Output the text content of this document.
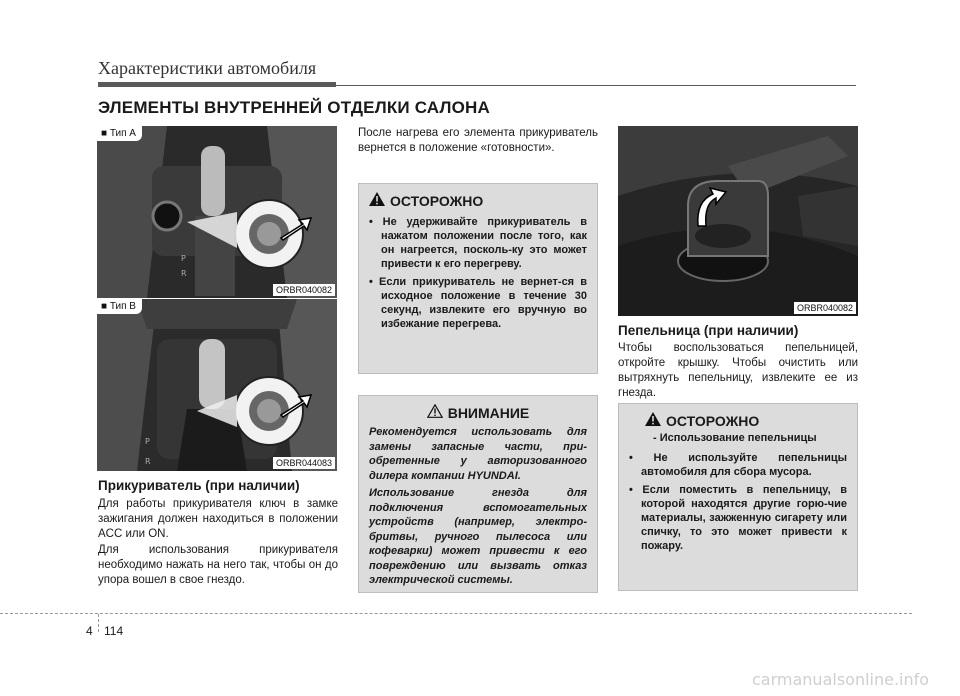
Характеристики автомобиля
ЭЛЕМЕНТЫ ВНУТРЕННЕЙ ОТДЕЛКИ САЛОНА
P
R
■ Тип A
ORBR040082
P
R
■ Тип B
ORBR044083
Прикуриватель (при наличии)
Для работы прикуривателя ключ в замке зажигания должен находиться в положении ACC или ON.
Для использования прикуривателя необходимо нажать на него так, чтобы он до упора вошел в свое гнездо.
После нагрева его элемента прикуриватель вернется в положение «готовности».
ОСТОРОЖНО
• Не удерживайте прикуриватель в нажатом положении после того, как он нагреется, посколь-ку это может привести к его перегреву.
• Если прикуриватель не вернет-ся в исходное положение в течение 30 секунд, извлеките его вручную во избежание перегрева.
ВНИМАНИЕ
Рекомендуется использовать для замены запасные части, при-обретенные у авторизованного дилера компании HYUNDAI.
Использование гнезда для подключения вспомогательных устройств (например, электро-бритвы, ручного пылесоса или кофеварки) может привести к его повреждению или вызвать отказ электрической системы.
ORBR040082
Пепельница (при наличии)
Чтобы воспользоваться пепельницей, откройте крышку. Чтобы очистить или вытряхнуть пепельницу, извлеките ее из гнезда.
ОСТОРОЖНО
- Использование пепельницы
• Не используйте пепельницы автомобиля для сбора мусора.
• Если поместить в пепельницу, в которой находятся другие горю-чие материалы, зажженную сигарету или спичку, то это может привести к пожару.
4 114
carmanualsonline.info
